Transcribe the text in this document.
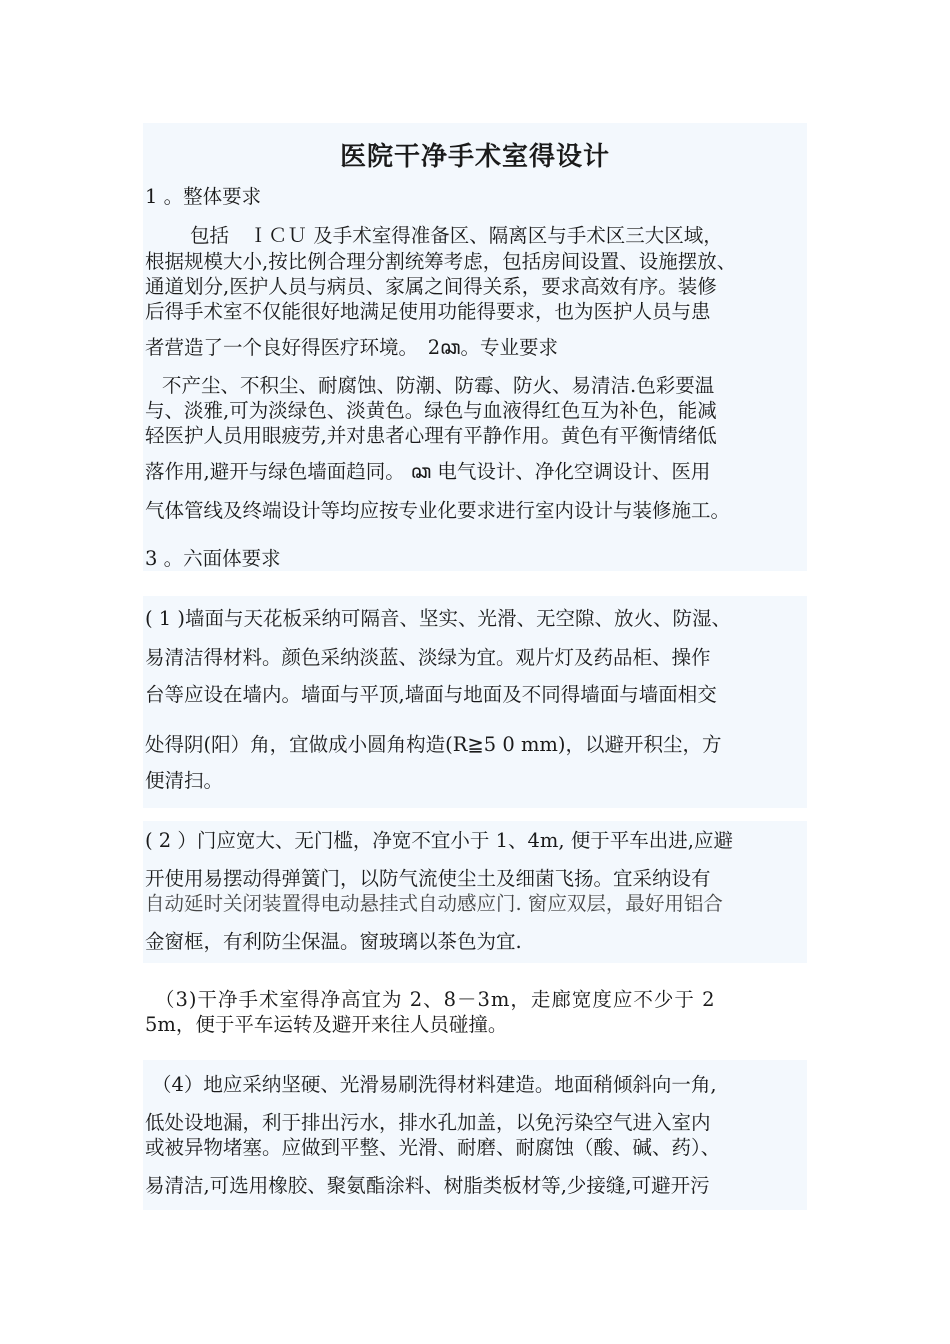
医院干净手术室得设计
1 。整体要求
包括　ＩＣＵ 及手术室得准备区、隔离区与手术区三大区域，
根据规模大小,按比例合理分割统筹考虑，包括房间设置、设施摆放、
通道划分,医护人员与病员、家属之间得关系，要求高效有序。装修
后得手术室不仅能很好地满足使用功能得要求，也为医护人员与患
者营造了一个良好得医疗环境。　2ꦕ。专业要求
不产尘、不积尘、耐腐蚀、防潮、防霉、防火、易清洁.色彩要温
与、淡雅,可为淡绿色、淡黄色。绿色与血液得红色互为补色，能减
轻医护人员用眼疲劳,并对患者心理有平静作用。黄色有平衡情绪低
落作用,避开与绿色墙面趋同。 ꦕ 电气设计、净化空调设计、医用
气体管线及终端设计等均应按专业化要求进行室内设计与装修施工。
3 。六面体要求
( 1 )墙面与天花板采纳可隔音、坚实、光滑、无空隙、放火、防湿、
易清洁得材料。颜色采纳淡蓝、淡绿为宜。观片灯及药品柜、操作
台等应设在墙内。墙面与平顶,墙面与地面及不同得墙面与墙面相交
处得阴(阳）角，宜做成小圆角构造(R≧5 0 mm)，以避开积尘，方
便清扫。
( 2 ）门应宽大、无门槛，净宽不宜小于 1、4m, 便于平车出进,应避
开使用易摆动得弹簧门，以防气流使尘土及细菌飞扬。宜采纳设有
自动延时关闭装置得电动悬挂式自动感应门. 窗应双层，最好用铝合
金窗框，有利防尘保温。窗玻璃以茶色为宜.
（3)干净手术室得净高宜为 2、8－3m，走廊宽度应不少于 2
5m，便于平车运转及避开来往人员碰撞。
（4）地应采纳坚硬、光滑易刷洗得材料建造。地面稍倾斜向一角,
低处设地漏，利于排出污水，排水孔加盖，以免污染空气进入室内
或被异物堵塞。应做到平整、光滑、耐磨、耐腐蚀（酸、碱、药）、
易清洁,可选用橡胶、聚氨酯涂料、树脂类板材等,少接缝,可避开污
